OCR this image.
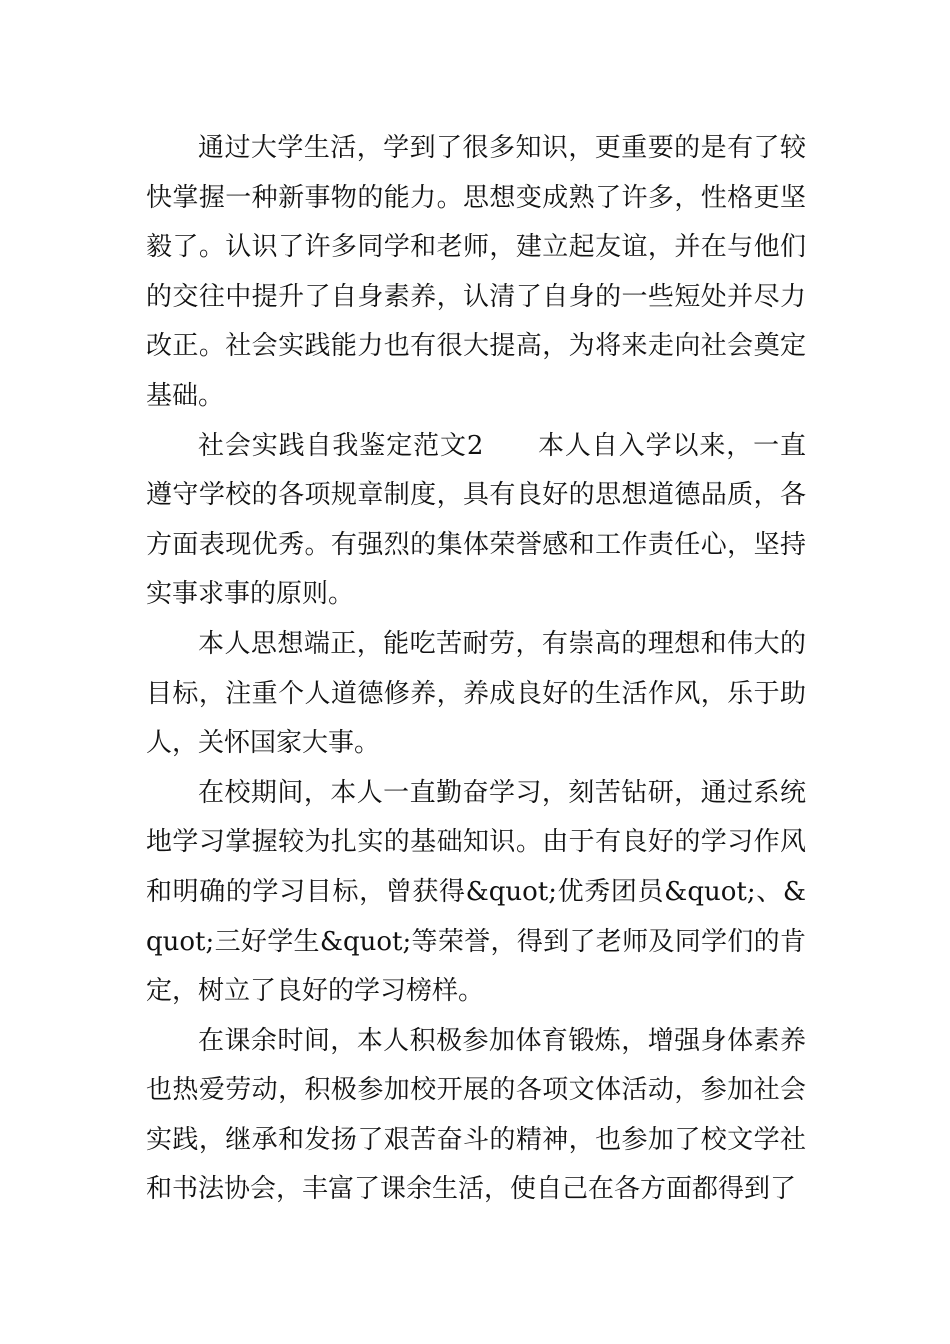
通过大学生活，学到了很多知识，更重要的是有了较快掌握一种新事物的能力。思想变成熟了许多，性格更坚毅了。认识了许多同学和老师，建立起友谊，并在与他们的交往中提升了自身素养，认清了自身的一些短处并尽力改正。社会实践能力也有很大提高，为将来走向社会奠定基础。

社会实践自我鉴定范文2　　本人自入学以来，一直遵守学校的各项规章制度，具有良好的思想道德品质，各方面表现优秀。有强烈的集体荣誉感和工作责任心，坚持实事求事的原则。

本人思想端正，能吃苦耐劳，有崇高的理想和伟大的目标，注重个人道德修养，养成良好的生活作风，乐于助人，关怀国家大事。

在校期间，本人一直勤奋学习，刻苦钻研，通过系统地学习掌握较为扎实的基础知识。由于有良好的学习作风和明确的学习目标，曾获得&quot;优秀团员&quot;、&quot;三好学生&quot;等荣誉，得到了老师及同学们的肯定，树立了良好的学习榜样。

在课余时间，本人积极参加体育锻炼，增强身体素养也热爱劳动，积极参加校开展的各项文体活动，参加社会实践，继承和发扬了艰苦奋斗的精神，也参加了校文学社和书法协会，丰富了课余生活，使自己在各方面都得到了
